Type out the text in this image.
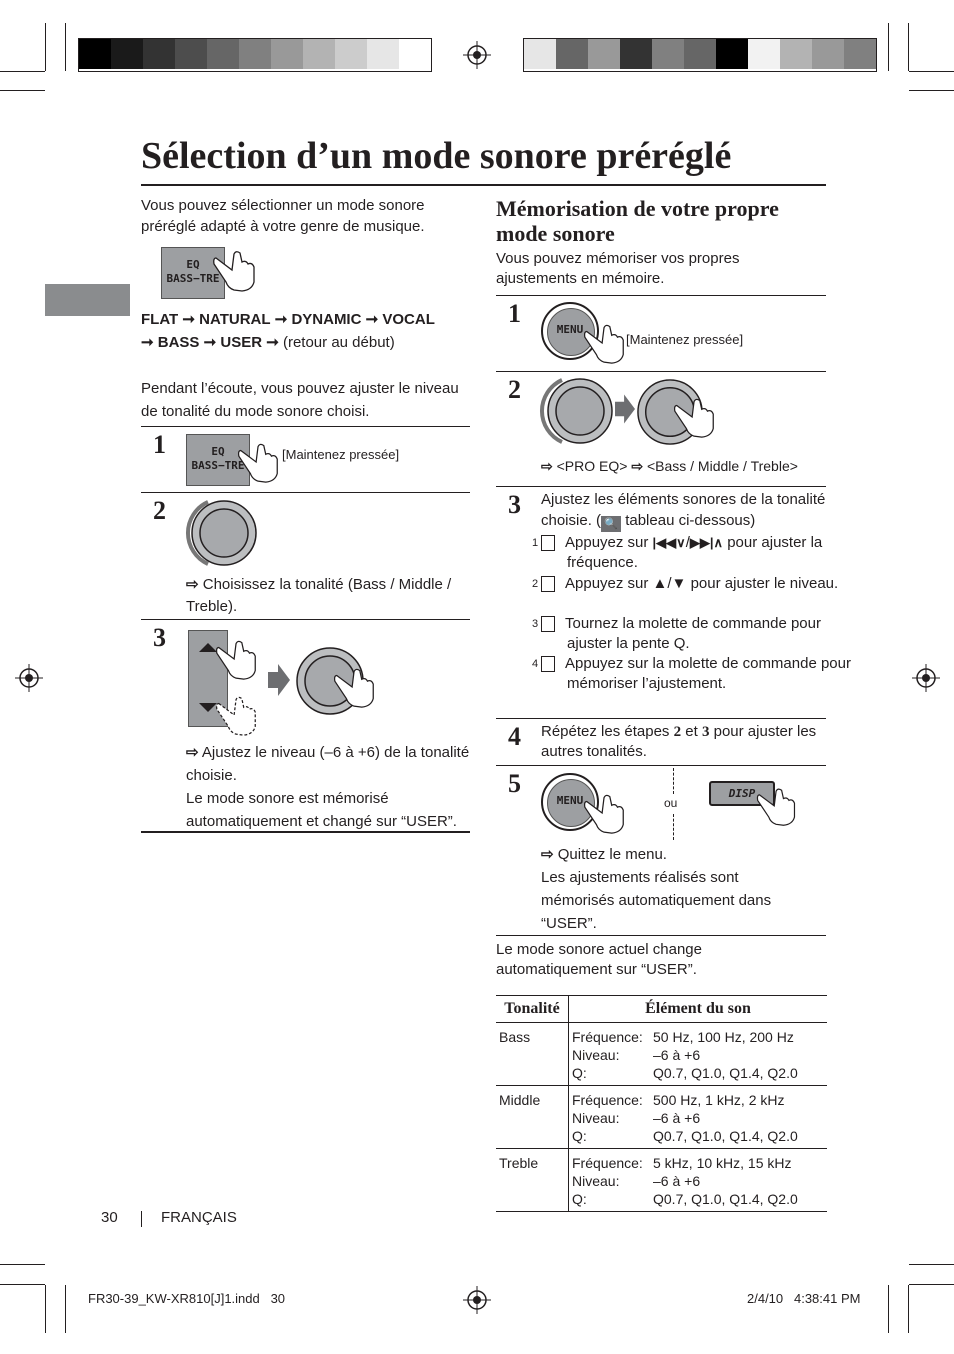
Sélection d’un mode sonore préréglé
Vous pouvez sélectionner un mode sonore préréglé adapté à votre genre de musique.
EQ
BASS−TRE
FLAT ➞ NATURAL ➞ DYNAMIC ➞ VOCAL
➞ BASS ➞ USER ➞ (retour au début)
Pendant l’écoute, vous pouvez ajuster le niveau de tonalité du mode sonore choisi.
1	EQ
BASS−TRE
[Maintenez pressée]
2
⇨ Choisissez la tonalité (Bass / Middle / Treble).
3
⇨ Ajustez le niveau (–6 à +6) de la tonalité choisie.
Le mode sonore est mémorisé automatiquement et changé sur “USER”.
Mémorisation de votre propre mode sonore
Vous pouvez mémoriser vos propres ajustements en mémoire.
1
MENU
[Maintenez pressée]
2
⇨ <PRO EQ> ⇨ <Bass / Middle / Treble>
3 Ajustez les éléments sonores de la tonalité choisie. ( 🔍 tableau ci-dessous)
1 Appuyez sur |◀◀∨/▶▶|∧ pour ajuster la fréquence.
2 Appuyez sur ▲/▼ pour ajuster le niveau.
3 Tournez la molette de commande pour ajuster la pente Q.
4 Appuyez sur la molette de commande pour mémoriser l’ajustement.
4 Répétez les étapes 2 et 3 pour ajuster les autres tonalités.
5
MENU	ou
DISP
⇨ Quittez le menu.
Les ajustements réalisés sont mémorisés automatiquement dans “USER”.
Le mode sonore actuel change automatiquement sur “USER”.
Tonalité	Élément du son
Bass	Fréquence: 50 Hz, 100 Hz, 200 Hz
Niveau: –6 à +6
Q: Q0.7, Q1.0, Q1.4, Q2.0
Middle	Fréquence: 500 Hz, 1 kHz, 2 kHz
Niveau: –6 à +6
Q: Q0.7, Q1.0, Q1.4, Q2.0
Treble	Fréquence: 5 kHz, 10 kHz, 15 kHz
Niveau: –6 à +6
Q: Q0.7, Q1.0, Q1.4, Q2.0
30	FRANÇAIS
FR30-39_KW-XR810[J]1.indd   30	2/4/10   4:38:41 PM
